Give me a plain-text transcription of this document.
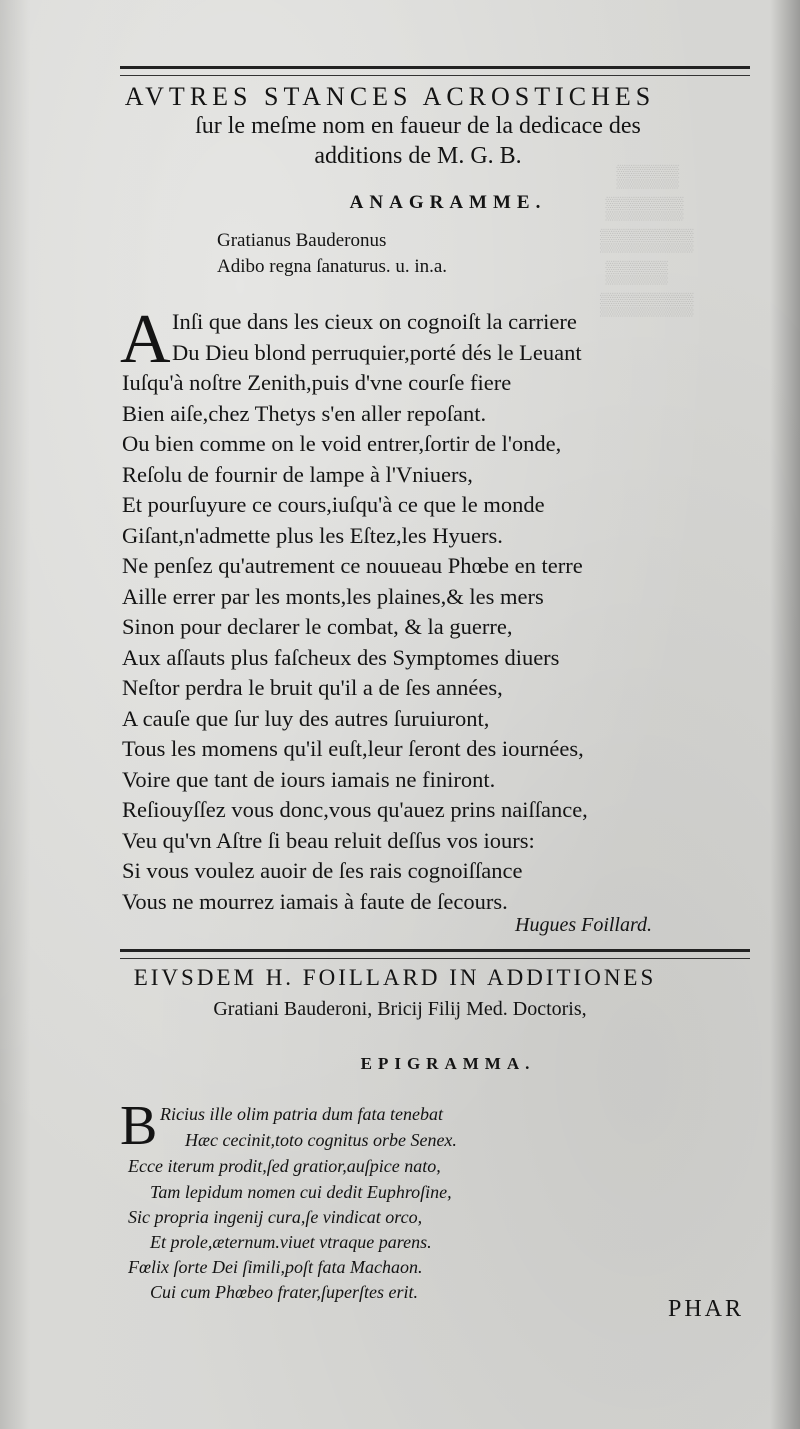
▒▒▒▒
▒▒▒▒▒
▒▒▒▒▒▒
▒▒▒▒
▒▒▒▒▒▒
AVTRES STANCES ACROSTICHES
ſur le meſme nom en faueur de la dedicace des
additions de M. G. B.
ANAGRAMME.
Gratianus Bauderonus
Adibo regna ſanaturus. u. in.a.
A Inſi que dans les cieux on cognoiſt la carriere
Du Dieu blond perruquier,porté dés le Leuant
Iuſqu'à noſtre Zenith,puis d'vne courſe fiere
Bien aiſe,chez Thetys s'en aller repoſant.
Ou bien comme on le void entrer,ſortir de l'onde,
Reſolu de fournir de lampe à l'Vniuers,
Et pourſuyure ce cours,iuſqu'à ce que le monde
Giſant,n'admette plus les Eſtez,les Hyuers.
Ne penſez qu'autrement ce nouueau Phœbe en terre
Aille errer par les monts,les plaines,& les mers
Sinon pour declarer le combat, & la guerre,
Aux aſſauts plus faſcheux des Symptomes diuers
Neſtor perdra le bruit qu'il a de ſes années,
A cauſe que ſur luy des autres ſuruiuront,
Tous les momens qu'il euſt,leur ſeront des iournées,
Voire que tant de iours iamais ne finiront.
Reſiouyſſez vous donc,vous qu'auez prins naiſſance,
Veu qu'vn Aſtre ſi beau reluit deſſus vos iours:
Si vous voulez auoir de ſes rais cognoiſſance
Vous ne mourrez iamais à faute de ſecours.
Hugues Foillard.
EIVSDEM H. FOILLARD IN ADDITIONES
Gratiani Bauderoni, Bricij Filij Med. Doctoris,
EPIGRAMMA.
B Ricius ille olim patria dum fata tenebat
Hæc cecinit,toto cognitus orbe Senex.
Ecce iterum prodit,ſed gratior,auſpice nato,
Tam lepidum nomen cui dedit Euphroſine,
Sic propria ingenij cura,ſe vindicat orco,
Et prole,æternum.viuet vtraque parens.
Fœlix ſorte Dei ſimili,poſt fata Machaon.
Cui cum Phœbeo frater,ſuperſtes erit.
PHAR
